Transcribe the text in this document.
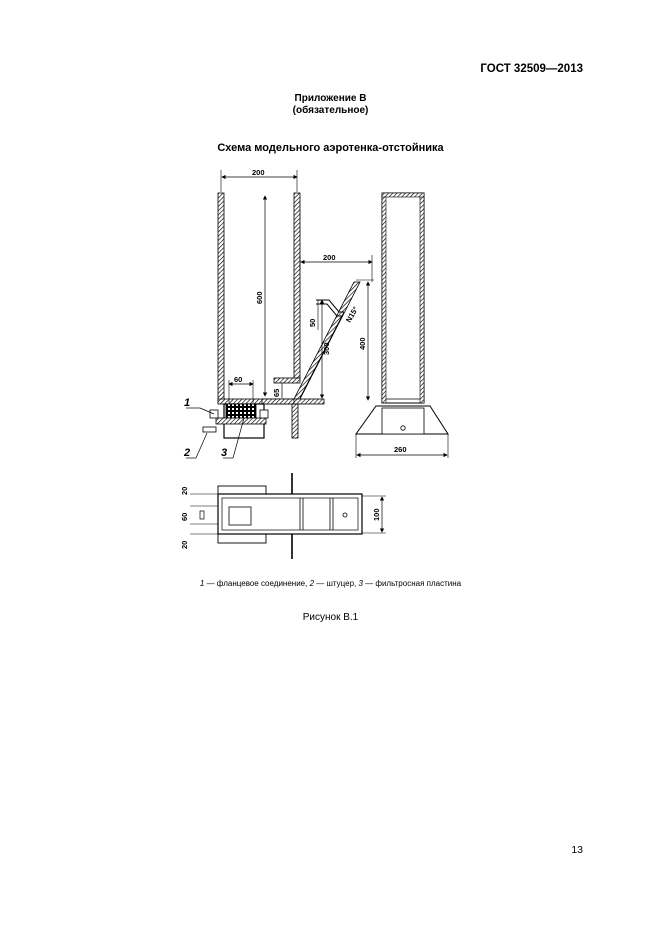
ГОСТ 32509—2013
Приложение В
(обязательное)
Схема модельного аэротенка-отстойника
200
600
200
400
300
50	N15°
60
65
1
2	3	260
20
60
20
100
1 — фланцевое соединение, 2 — штуцер, 3 — фильтросная пластина
Рисунок В.1
13
